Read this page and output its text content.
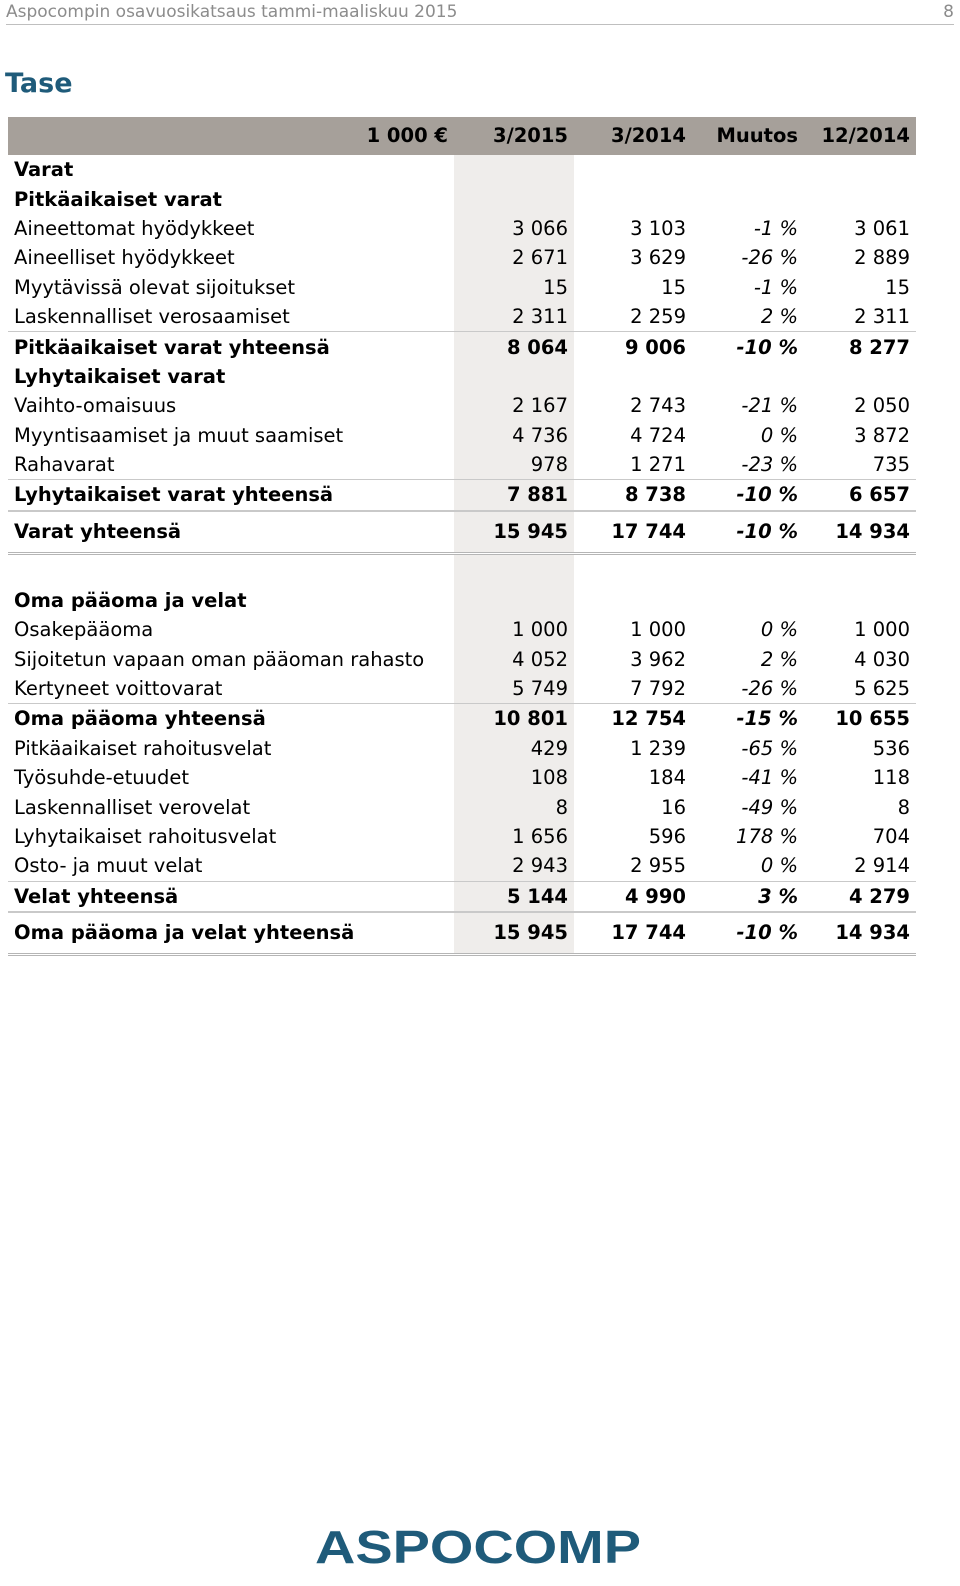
Aspocompin osavuosikatsaus tammi-maaliskuu 2015	8
Tase
1 000 €	3/2015	3/2014	Muutos	12/2014
Varat				
Pitkäaikaiset varat				
Aineettomat hyödykkeet	3 066	3 103	-1 %	3 061
Aineelliset hyödykkeet	2 671	3 629	-26 %	2 889
Myytävissä olevat sijoitukset	15	15	-1 %	15
Laskennalliset verosaamiset	2 311	2 259	2 %	2 311
Pitkäaikaiset varat yhteensä	8 064	9 006	-10 %	8 277
Lyhytaikaiset varat				
Vaihto-omaisuus	2 167	2 743	-21 %	2 050
Myyntisaamiset ja muut saamiset	4 736	4 724	0 %	3 872
Rahavarat	978	1 271	-23 %	735
Lyhytaikaiset varat yhteensä	7 881	8 738	-10 %	6 657
Varat yhteensä	15 945	17 744	-10 %	14 934

Oma pääoma ja velat				
Osakepääoma	1 000	1 000	0 %	1 000
Sijoitetun vapaan oman pääoman rahasto	4 052	3 962	2 %	4 030
Kertyneet voittovarat	5 749	7 792	-26 %	5 625
Oma pääoma yhteensä	10 801	12 754	-15 %	10 655
Pitkäaikaiset rahoitusvelat	429	1 239	-65 %	536
Työsuhde-etuudet	108	184	-41 %	118
Laskennalliset verovelat	8	16	-49 %	8
Lyhytaikaiset rahoitusvelat	1 656	596	178 %	704
Osto- ja muut velat	2 943	2 955	0 %	2 914
Velat yhteensä	5 144	4 990	3 %	4 279
Oma pääoma ja velat yhteensä	15 945	17 744	-10 %	14 934
ASPOCOMP
